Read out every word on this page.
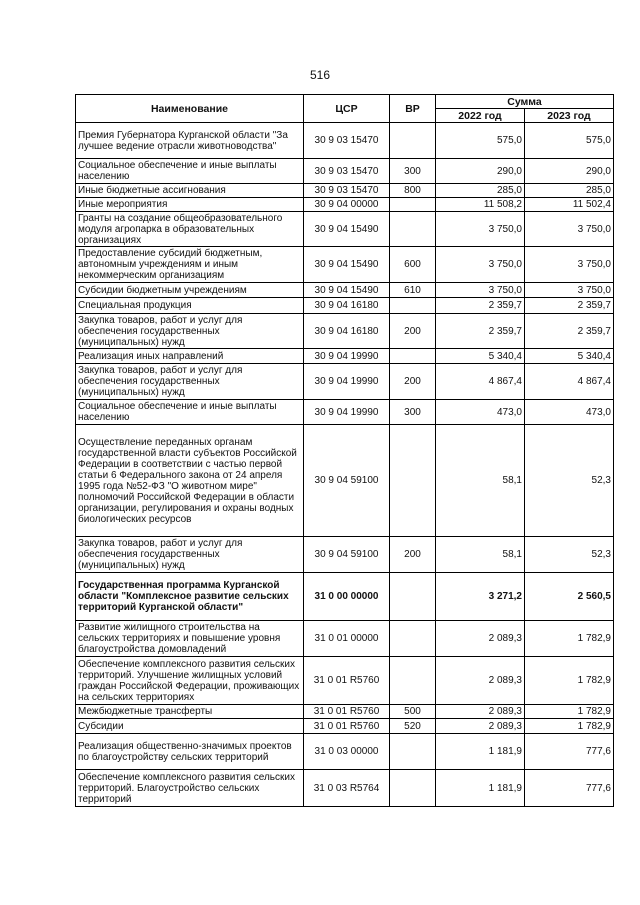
516
Наименование	ЦСР	ВР	Сумма	
			2022 год	2023 год
Премия Губернатора Курганской области "За лучшее ведение отрасли животноводства"	30 9 03 15470		575,0	575,0
Социальное обеспечение и иные выплаты населению	30 9 03 15470	300	290,0	290,0
Иные бюджетные ассигнования	30 9 03 15470	800	285,0	285,0
Иные мероприятия	30 9 04 00000		11 508,2	11 502,4
Гранты на создание общеобразовательного модуля агропарка в образовательных организациях	30 9 04 15490		3 750,0	3 750,0
Предоставление субсидий бюджетным, автономным учреждениям и иным некоммерческим организациям	30 9 04 15490	600	3 750,0	3 750,0
Субсидии бюджетным учреждениям	30 9 04 15490	610	3 750,0	3 750,0
Специальная продукция	30 9 04 16180		2 359,7	2 359,7
Закупка товаров, работ и услуг для обеспечения государственных (муниципальных) нужд	30 9 04 16180	200	2 359,7	2 359,7
Реализация иных направлений	30 9 04 19990		5 340,4	5 340,4
Закупка товаров, работ и услуг для обеспечения государственных (муниципальных) нужд	30 9 04 19990	200	4 867,4	4 867,4
Социальное обеспечение и иные выплаты населению	30 9 04 19990	300	473,0	473,0
Осуществление переданных органам государственной власти субъектов Российской Федерации в соответствии с частью первой статьи 6 Федерального закона от 24 апреля 1995 года №52-ФЗ "О животном мире" полномочий Российской Федерации в области организации, регулирования и охраны водных биологических ресурсов	30 9 04 59100		58,1	52,3
Закупка товаров, работ и услуг для обеспечения государственных (муниципальных) нужд	30 9 04 59100	200	58,1	52,3
Государственная программа Курганской области "Комплексное развитие сельских территорий Курганской области"	31 0 00 00000		3 271,2	2 560,5
Развитие жилищного строительства на сельских территориях и повышение уровня благоустройства домовладений	31 0 01 00000		2 089,3	1 782,9
Обеспечение комплексного развития сельских территорий. Улучшение жилищных условий граждан Российской Федерации, проживающих на сельских территориях	31 0 01 R5760		2 089,3	1 782,9
Межбюджетные трансферты	31 0 01 R5760	500	2 089,3	1 782,9
Субсидии	31 0 01 R5760	520	2 089,3	1 782,9
Реализация общественно-значимых проектов по благоустройству сельских территорий	31 0 03 00000		1 181,9	777,6
Обеспечение комплексного развития сельских территорий. Благоустройство сельских территорий	31 0 03 R5764		1 181,9	777,6
